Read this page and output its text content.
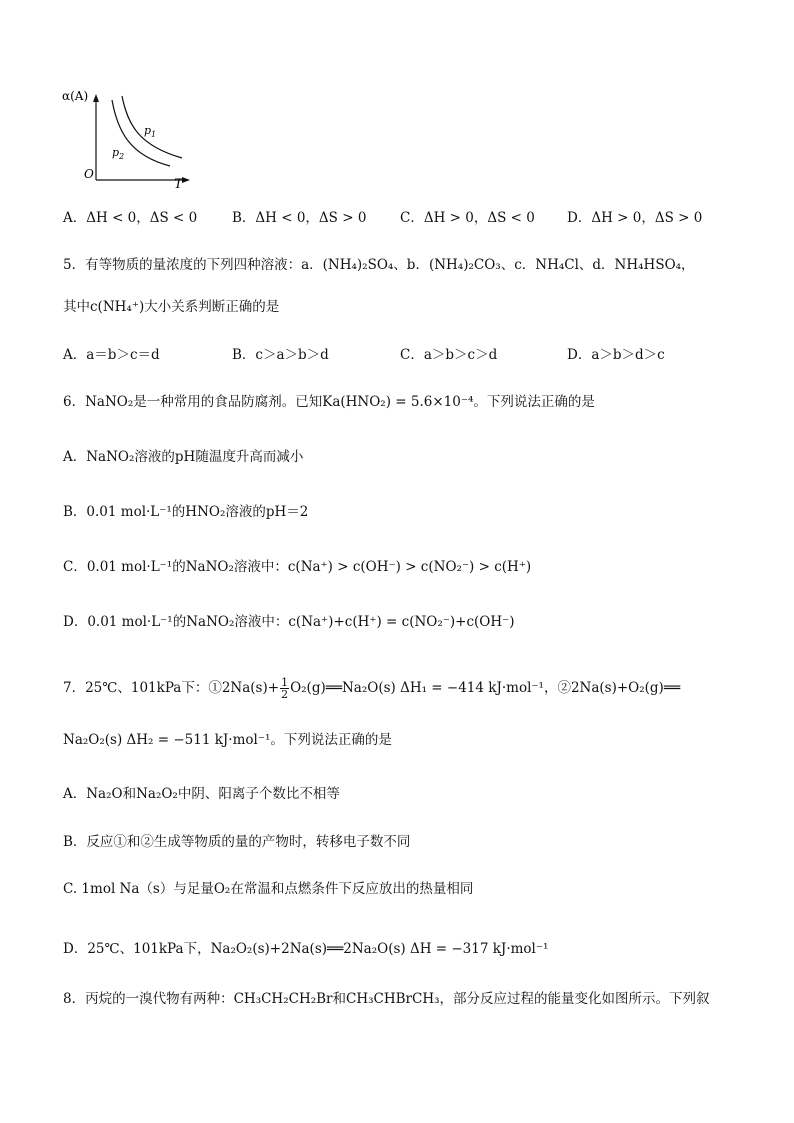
α(A)
T
O
$p_1$
$p_2$
A．ΔH < 0，ΔS < 0	B．ΔH < 0，ΔS > 0 C．ΔH > 0，ΔS < 0 D．ΔH > 0，ΔS > 0
5．有等物质的量浓度的下列四种溶液：a．(NH₄)₂SO₄、b．(NH₄)₂CO₃、c．NH₄Cl、d．NH₄HSO₄，
其中c(NH₄⁺)大小关系判断正确的是
A．a＝b＞c＝d	B．c＞a＞b＞d	C．a＞b＞c＞d	D．a＞b＞d＞c
6．NaNO₂是一种常用的食品防腐剂。已知Ka(HNO₂) = 5.6×10⁻⁴。下列说法正确的是
A．NaNO₂溶液的pH随温度升高而减小
B．0.01 mol·L⁻¹的HNO₂溶液的pH＝2
C．0.01 mol·L⁻¹的NaNO₂溶液中：c(Na⁺) > c(OH⁻) > c(NO₂⁻) > c(H⁺)
D．0.01 mol·L⁻¹的NaNO₂溶液中：c(Na⁺)+c(H⁺) = c(NO₂⁻)+c(OH⁻)
7．25℃、101kPa下：①2Na(s)+ $\frac{1}{2}$ O₂(g)══Na₂O(s) ΔH₁ = −414 kJ·mol⁻¹，②2Na(s)+O₂(g)══
Na₂O₂(s) ΔH₂ = −511 kJ·mol⁻¹。下列说法正确的是
A．Na₂O和Na₂O₂中阴、阳离子个数比不相等
B．反应①和②生成等物质的量的产物时，转移电子数不同
C. 1mol Na（s）与足量O₂在常温和点燃条件下反应放出的热量相同
D．25℃、101kPa下，Na₂O₂(s)+2Na(s)══2Na₂O(s) ΔH = −317 kJ·mol⁻¹
8．丙烷的一溴代物有两种：CH₃CH₂CH₂Br和CH₃CHBrCH₃，部分反应过程的能量变化如图所示。下列叙
